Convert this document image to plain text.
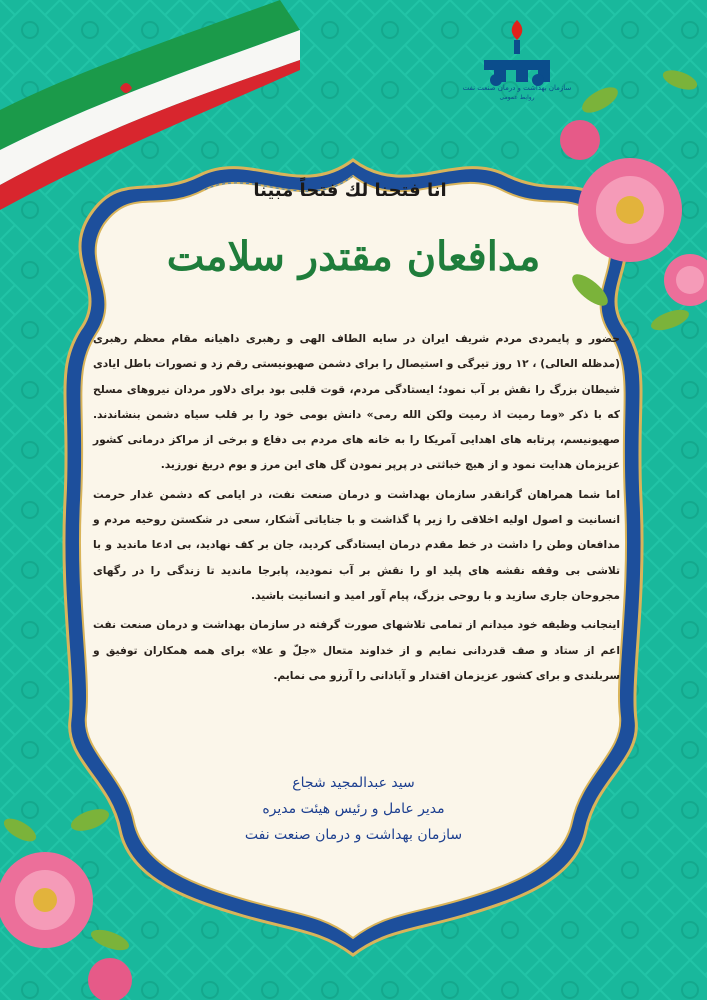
سازمان بهداشت و درمان صنعت نفت
روابط عمومی
انا فتحنا لك فتحاً مبينا
مدافعان مقتدر سلامت

حضور و پایمردی مردم شریف ایران در سایه الطاف الهی و رهبری داهیانه مقام معظم رهبری (مدظله العالی) ، ۱۲ روز تیرگی و استیصال را برای دشمن صهیونیستی رقم زد و تصورات باطل ایادی شیطان بزرگ را نقش بر آب نمود؛ ایستادگی مردم، قوت قلبی بود برای دلاور مردان نیروهای مسلح که با ذکر «وما رمیت اذ رمیت ولکن الله رمی» دانش بومی خود را بر قلب سیاه دشمن بنشاندند. صهیونیسم، پرتابه های اهدایی آمریکا را به خانه های مردم بی دفاع و برخی از مراکز درمانی کشور عزیزمان هدایت نمود و از هیچ خباثتی در پرپر نمودن گل های این مرز و بوم دریغ نورزید.

اما شما همراهان گرانقدر سازمان بهداشت و درمان صنعت نفت، در ایامی که دشمن غدار حرمت انسانیت و اصول اولیه اخلاقی را زیر پا گذاشت و با جنایاتی آشکار، سعی در شکستن روحیه مردم و مدافعان وطن را داشت در خط مقدم درمان ایستادگی کردید، جان بر کف نهادید، بی ادعا ماندید و با تلاشی بی وقفه نقشه های پلید او را نقش بر آب نمودید، پابرجا ماندید تا زندگی را در رگهای مجروحان جاری سازید و با روحی بزرگ، پیام آور امید و انسانیت باشید.

اینجانب وظیفه خود میدانم از تمامی تلاشهای صورت گرفته در سازمان بهداشت و درمان صنعت نفت اعم از ستاد و صف قدردانی نمایم و از خداوند متعال «جلّ و علا» برای همه همکاران توفیق و سربلندی و برای کشور عزیزمان اقتدار و آبادانی را آرزو می نمایم.

سید عبدالمجید شجاع
مدیر عامل و رئیس هیئت مدیره
سازمان بهداشت و درمان صنعت نفت
